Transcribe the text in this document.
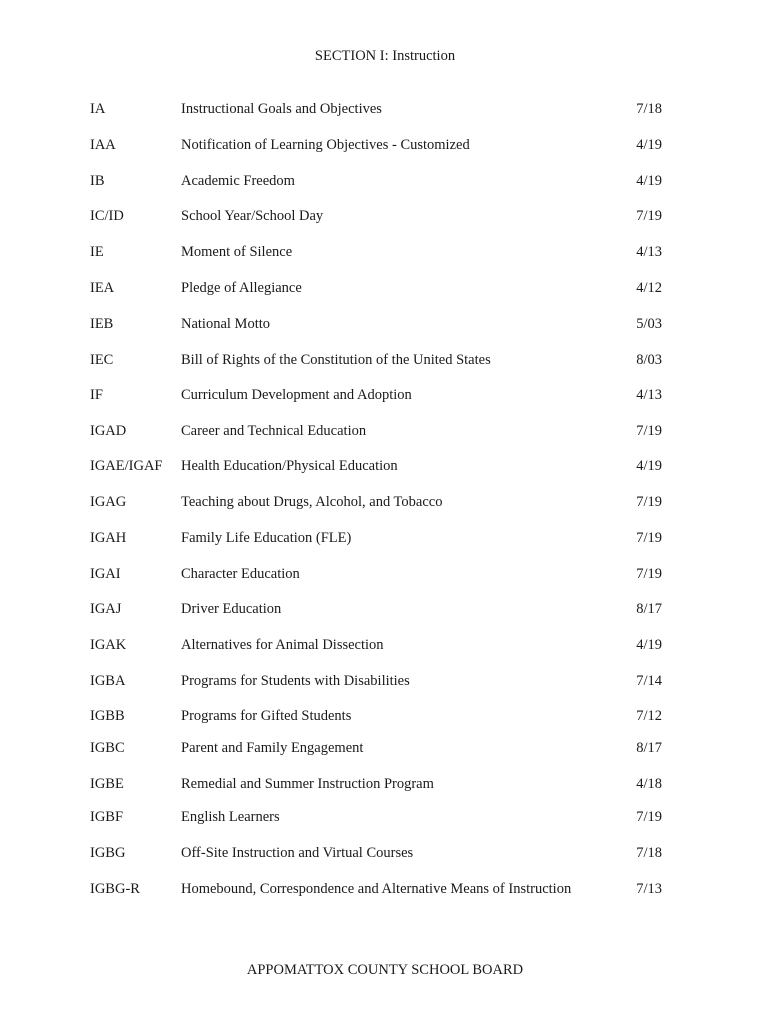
SECTION I: Instruction
IA	Instructional Goals and Objectives	7/18
IAA	Notification of Learning Objectives - Customized	4/19
IB	Academic Freedom	4/19
IC/ID	School Year/School Day	7/19
IE	Moment of Silence	4/13
IEA	Pledge of Allegiance	4/12
IEB	National Motto	5/03
IEC	Bill of Rights of the Constitution of the United States	8/03
IF	Curriculum Development and Adoption	4/13
IGAD	Career and Technical Education	7/19
IGAE/IGAF Health Education/Physical Education	4/19
IGAG	Teaching about Drugs, Alcohol, and Tobacco	7/19
IGAH	Family Life Education (FLE)	7/19
IGAI	Character Education	7/19
IGAJ	Driver Education	8/17
IGAK	Alternatives for Animal Dissection	4/19
IGBA	Programs for Students with Disabilities	7/14
IGBB	Programs for Gifted Students	7/12
IGBC	Parent and Family Engagement	8/17
IGBE	Remedial and Summer Instruction Program	4/18
IGBF	English Learners	7/19
IGBG	Off-Site Instruction and Virtual Courses	7/18
IGBG-R	Homebound, Correspondence and Alternative Means of Instruction	7/13
APPOMATTOX COUNTY SCHOOL BOARD
